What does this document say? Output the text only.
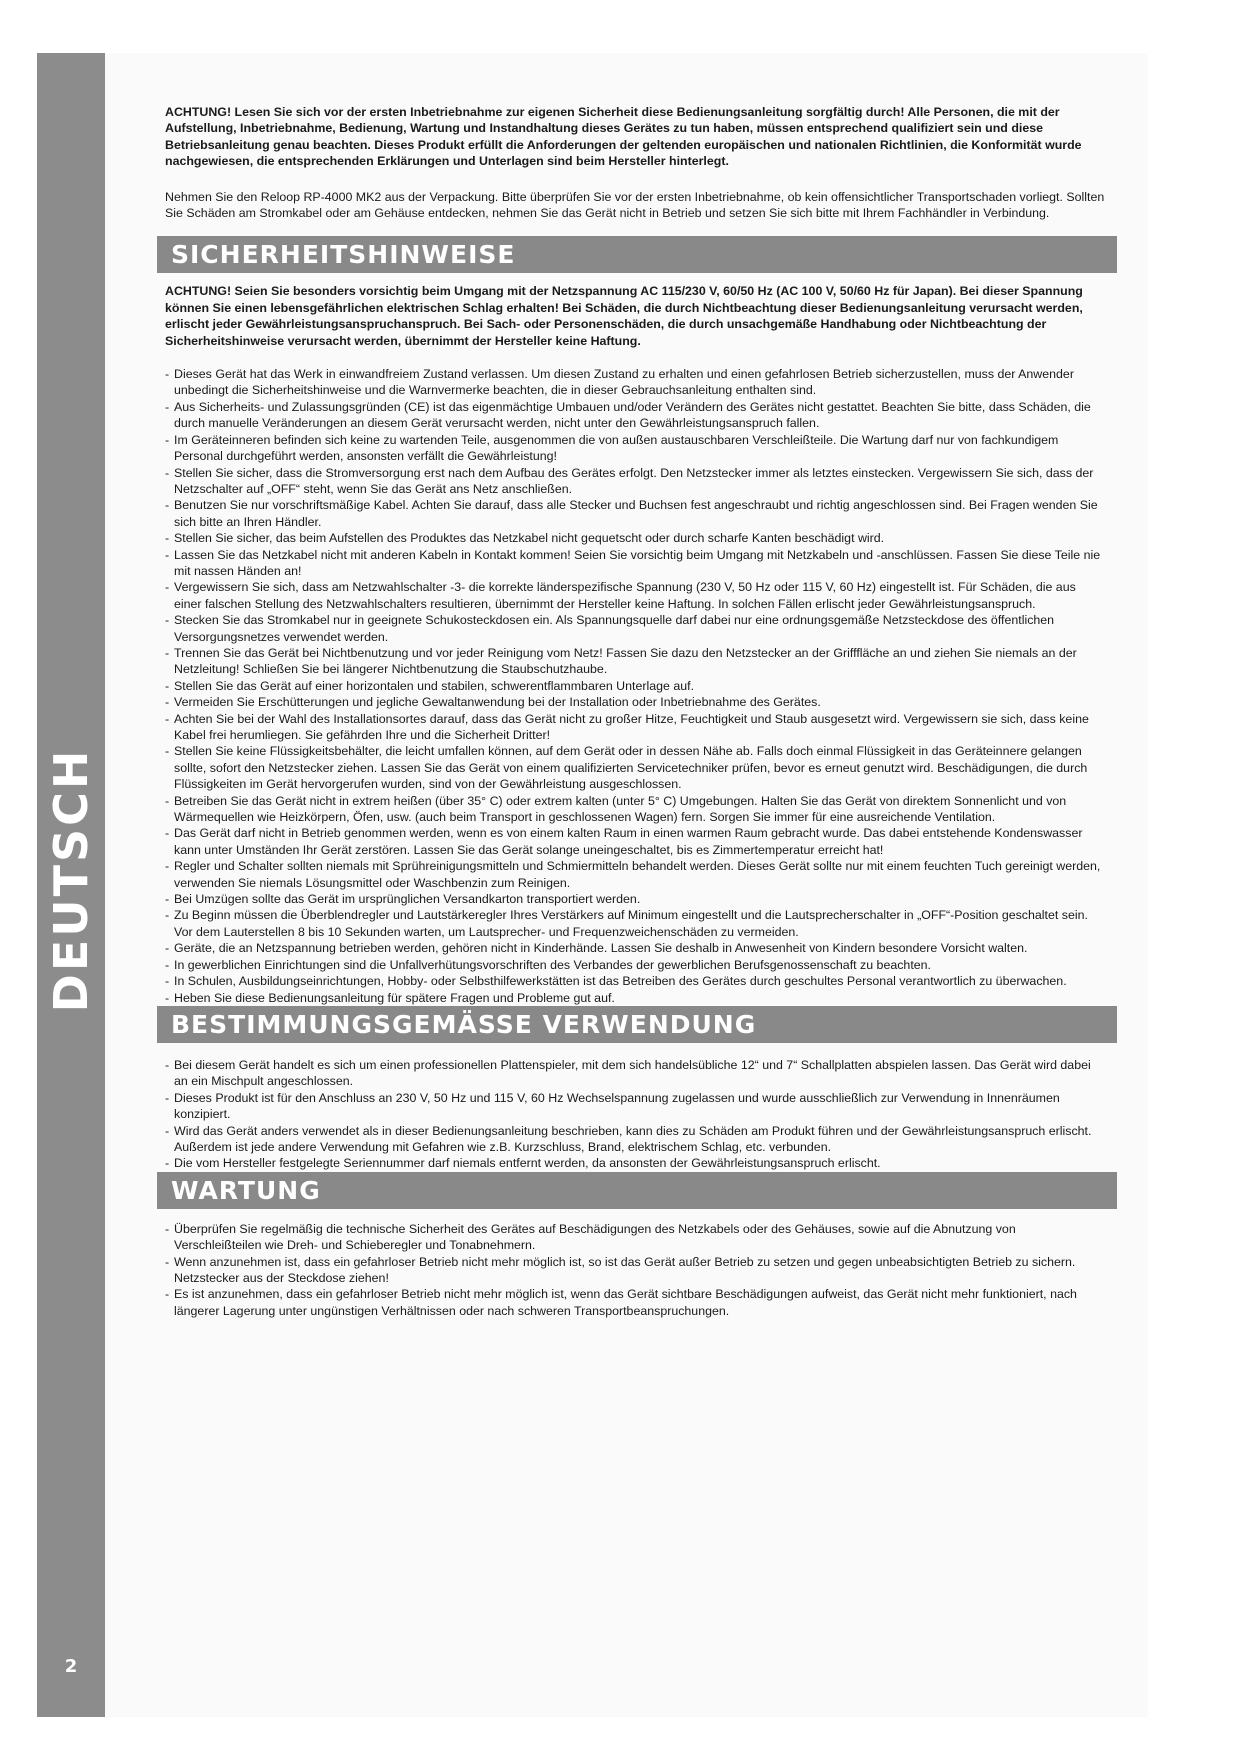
DEUTSCH
2

ACHTUNG! Lesen Sie sich vor der ersten Inbetriebnahme zur eigenen Sicherheit diese Bedienungsanleitung sorgfältig durch! Alle Personen, die mit der Aufstellung, Inbetriebnahme, Bedienung, Wartung und Instandhaltung dieses Gerätes zu tun haben, müssen entsprechend qualifiziert sein und diese Betriebsanleitung genau beachten. Dieses Produkt erfüllt die Anforderungen der geltenden europäischen und nationalen Richtlinien, die Konformität wurde nachgewiesen, die entsprechenden Erklärungen und Unterlagen sind beim Hersteller hinterlegt.

Nehmen Sie den Reloop RP-4000 MK2 aus der Verpackung. Bitte überprüfen Sie vor der ersten Inbetriebnahme, ob kein offensichtlicher Transportschaden vorliegt. Sollten Sie Schäden am Stromkabel oder am Gehäuse entdecken, nehmen Sie das Gerät nicht in Betrieb und setzen Sie sich bitte mit Ihrem Fachhändler in Verbindung.

SICHERHEITSHINWEISE

ACHTUNG! Seien Sie besonders vorsichtig beim Umgang mit der Netzspannung AC 115/230 V, 60/50 Hz (AC 100 V, 50/60 Hz für Japan). Bei dieser Spannung können Sie einen lebensgefährlichen elektrischen Schlag erhalten! Bei Schäden, die durch Nichtbeachtung dieser Bedienungsanleitung verursacht werden, erlischt jeder Gewährleistungsanspruchanspruch. Bei Sach- oder Personenschäden, die durch unsachgemäße Handhabung oder Nichtbeachtung der Sicherheitshinweise verursacht werden, übernimmt der Hersteller keine Haftung.

- Dieses Gerät hat das Werk in einwandfreiem Zustand verlassen. Um diesen Zustand zu erhalten und einen gefahrlosen Betrieb sicherzustellen, muss der Anwender unbedingt die Sicherheitshinweise und die Warnvermerke beachten, die in dieser Gebrauchsanleitung enthalten sind.
- Aus Sicherheits- und Zulassungsgründen (CE) ist das eigenmächtige Umbauen und/oder Verändern des Gerätes nicht gestattet. Beachten Sie bitte, dass Schäden, die durch manuelle Veränderungen an diesem Gerät verursacht werden, nicht unter den Gewährleistungsanspruch fallen.
- Im Geräteinneren befinden sich keine zu wartenden Teile, ausgenommen die von außen austauschbaren Verschleißteile. Die Wartung darf nur von fachkundigem Personal durchgeführt werden, ansonsten verfällt die Gewährleistung!
- Stellen Sie sicher, dass die Stromversorgung erst nach dem Aufbau des Gerätes erfolgt. Den Netzstecker immer als letztes einstecken. Vergewissern Sie sich, dass der Netzschalter auf „OFF“ steht, wenn Sie das Gerät ans Netz anschließen.
- Benutzen Sie nur vorschriftsmäßige Kabel. Achten Sie darauf, dass alle Stecker und Buchsen fest angeschraubt und richtig angeschlossen sind. Bei Fragen wenden Sie sich bitte an Ihren Händler.
- Stellen Sie sicher, das beim Aufstellen des Produktes das Netzkabel nicht gequetscht oder durch scharfe Kanten beschädigt wird.
- Lassen Sie das Netzkabel nicht mit anderen Kabeln in Kontakt kommen! Seien Sie vorsichtig beim Umgang mit Netzkabeln und -anschlüssen. Fassen Sie diese Teile nie mit nassen Händen an!
- Vergewissern Sie sich, dass am Netzwahlschalter -3- die korrekte länderspezifische Spannung (230 V, 50 Hz oder 115 V, 60 Hz) eingestellt ist. Für Schäden, die aus einer falschen Stellung des Netzwahlschalters resultieren, übernimmt der Hersteller keine Haftung. In solchen Fällen erlischt jeder Gewährleistungsanspruch.
- Stecken Sie das Stromkabel nur in geeignete Schukosteckdosen ein. Als Spannungsquelle darf dabei nur eine ordnungsgemäße Netzsteckdose des öffentlichen Versorgungsnetzes verwendet werden.
- Trennen Sie das Gerät bei Nichtbenutzung und vor jeder Reinigung vom Netz! Fassen Sie dazu den Netzstecker an der Grifffläche an und ziehen Sie niemals an der Netzleitung! Schließen Sie bei längerer Nichtbenutzung die Staubschutzhaube.
- Stellen Sie das Gerät auf einer horizontalen und stabilen, schwerentflammbaren Unterlage auf.
- Vermeiden Sie Erschütterungen und jegliche Gewaltanwendung bei der Installation oder Inbetriebnahme des Gerätes.
- Achten Sie bei der Wahl des Installationsortes darauf, dass das Gerät nicht zu großer Hitze, Feuchtigkeit und Staub ausgesetzt wird. Vergewissern sie sich, dass keine Kabel frei herumliegen. Sie gefährden Ihre und die Sicherheit Dritter!
- Stellen Sie keine Flüssigkeitsbehälter, die leicht umfallen können, auf dem Gerät oder in dessen Nähe ab. Falls doch einmal Flüssigkeit in das Geräteinnere gelangen sollte, sofort den Netzstecker ziehen. Lassen Sie das Gerät von einem qualifizierten Servicetechniker prüfen, bevor es erneut genutzt wird. Beschädigungen, die durch Flüssigkeiten im Gerät hervorgerufen wurden, sind von der Gewährleistung ausgeschlossen.
- Betreiben Sie das Gerät nicht in extrem heißen (über 35° C) oder extrem kalten (unter 5° C) Umgebungen. Halten Sie das Gerät von direktem Sonnenlicht und von Wärmequellen wie Heizkörpern, Öfen, usw. (auch beim Transport in geschlossenen Wagen) fern. Sorgen Sie immer für eine ausreichende Ventilation.
- Das Gerät darf nicht in Betrieb genommen werden, wenn es von einem kalten Raum in einen warmen Raum gebracht wurde. Das dabei entstehende Kondenswasser kann unter Umständen Ihr Gerät zerstören. Lassen Sie das Gerät solange uneingeschaltet, bis es Zimmertemperatur erreicht hat!
- Regler und Schalter sollten niemals mit Sprühreinigungsmitteln und Schmiermitteln behandelt werden. Dieses Gerät sollte nur mit einem feuchten Tuch gereinigt werden, verwenden Sie niemals Lösungsmittel oder Waschbenzin zum Reinigen.
- Bei Umzügen sollte das Gerät im ursprünglichen Versandkarton transportiert werden.
- Zu Beginn müssen die Überblendregler und Lautstärkeregler Ihres Verstärkers auf Minimum eingestellt und die Lautsprecherschalter in „OFF“-Position geschaltet sein. Vor dem Lauterstellen 8 bis 10 Sekunden warten, um Lautsprecher- und Frequenzweichenschäden zu vermeiden.
- Geräte, die an Netzspannung betrieben werden, gehören nicht in Kinderhände. Lassen Sie deshalb in Anwesenheit von Kindern besondere Vorsicht walten.
- In gewerblichen Einrichtungen sind die Unfallverhütungsvorschriften des Verbandes der gewerblichen Berufsgenossenschaft zu beachten.
- In Schulen, Ausbildungseinrichtungen, Hobby- oder Selbsthilfewerkstätten ist das Betreiben des Gerätes durch geschultes Personal verantwortlich zu überwachen.
- Heben Sie diese Bedienungsanleitung für spätere Fragen und Probleme gut auf.
BESTIMMUNGSGEMÄSSE VERWENDUNG
- Bei diesem Gerät handelt es sich um einen professionellen Plattenspieler, mit dem sich handelsübliche 12“ und 7“ Schallplatten abspielen lassen. Das Gerät wird dabei an ein Mischpult angeschlossen.
- Dieses Produkt ist für den Anschluss an 230 V, 50 Hz und 115 V, 60 Hz Wechselspannung zugelassen und wurde ausschließlich zur Verwendung in Innenräumen konzipiert.
- Wird das Gerät anders verwendet als in dieser Bedienungsanleitung beschrieben, kann dies zu Schäden am Produkt führen und der Gewährleistungsanspruch erlischt. Außerdem ist jede andere Verwendung mit Gefahren wie z.B. Kurzschluss, Brand, elektrischem Schlag, etc. verbunden.
- Die vom Hersteller festgelegte Seriennummer darf niemals entfernt werden, da ansonsten der Gewährleistungsanspruch erlischt.
WARTUNG
- Überprüfen Sie regelmäßig die technische Sicherheit des Gerätes auf Beschädigungen des Netzkabels oder des Gehäuses, sowie auf die Abnutzung von Verschleißteilen wie Dreh- und Schieberegler und Tonabnehmern.
- Wenn anzunehmen ist, dass ein gefahrloser Betrieb nicht mehr möglich ist, so ist das Gerät außer Betrieb zu setzen und gegen unbeabsichtigten Betrieb zu sichern. Netzstecker aus der Steckdose ziehen!
- Es ist anzunehmen, dass ein gefahrloser Betrieb nicht mehr möglich ist, wenn das Gerät sichtbare Beschädigungen aufweist, das Gerät nicht mehr funktioniert, nach längerer Lagerung unter ungünstigen Verhältnissen oder nach schweren Transportbeanspruchungen.
